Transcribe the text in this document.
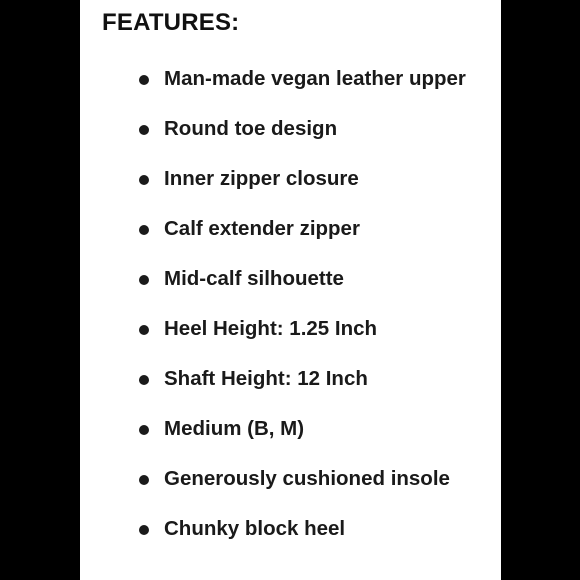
FEATURES:
Man-made vegan leather upper
Round toe design
Inner zipper closure
Calf extender zipper
Mid-calf silhouette
Heel Height: 1.25 Inch
Shaft Height: 12 Inch
Medium (B, M)
Generously cushioned insole
Chunky block heel
